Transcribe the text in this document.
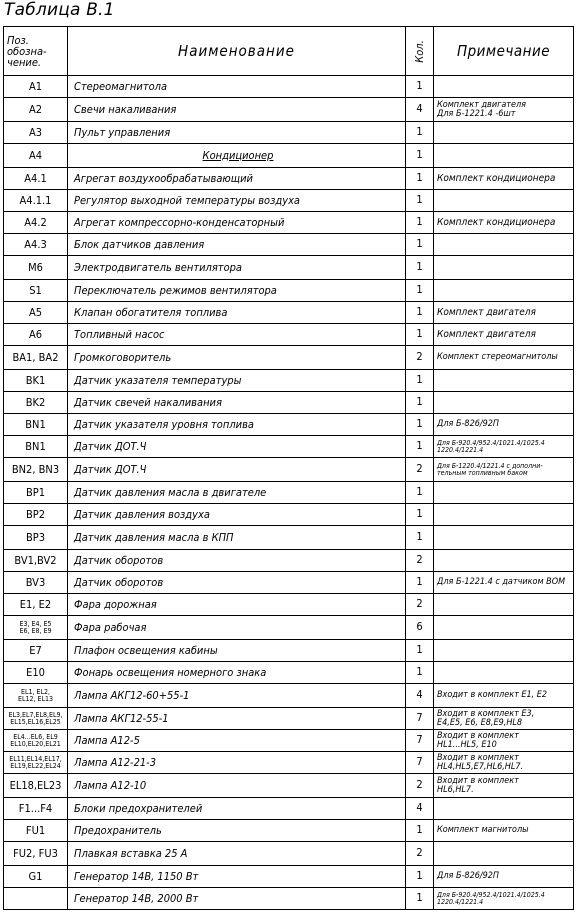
Таблица В.1
Поз.
обозна-
чение.	Наименование	Кол.	Примечание
A1	Стереомагнитола	1	
A2	Свечи накаливания	4	Комплект двигателя
Для Б-1221.4 -6шт
A3	Пульт управления	1	
A4	Кондиционер	1	
A4.1	Агрегат воздухообрабатывающий	1	Комплект кондиционера
A4.1.1	Регулятор выходной температуры воздуха	1	
A4.2	Агрегат компрессорно-конденсаторный	1	Комплект кондиционера
A4.3	Блок датчиков давления	1	
M6	Электродвигатель вентилятора	1	
S1	Переключатель режимов вентилятора	1	
A5	Клапан обогатителя топлива	1	Комплект двигателя
A6	Топливный насос	1	Комплект двигателя
BA1, BA2	Громкоговоритель	2	Комплект стереомагнитолы
BK1	Датчик указателя температуры	1	
BK2	Датчик свечей накаливания	1	
BN1	Датчик указателя уровня топлива	1	Для Б-826/92П
BN1	Датчик ДОТ.Ч	1	Для Б-920.4/952.4/1021.4/1025.4
1220.4/1221.4
BN2, BN3	Датчик ДОТ.Ч	2	Для Б-1220.4/1221.4 с дополни-
тельным топливным баком
BP1	Датчик давления масла в двигателе	1	
BP2	Датчик давления воздуха	1	
BP3	Датчик давления масла в КПП	1	
BV1,BV2	Датчик оборотов	2	
BV3	Датчик оборотов	1	Для Б-1221.4 с датчиком ВОМ
E1, E2	Фара дорожная	2	
E3, E4, E5
E6, E8, E9	Фара рабочая	6	
E7	Плафон освещения кабины	1	
E10	Фонарь освещения номерного знака	1	
EL1, EL2,
EL12, EL13	Лампа АКГ12-60+55-1	4	Входит в комплект E1, E2
EL3,EL7,EL8,EL9,
EL15,EL16,EL25	Лампа АКГ12-55-1	7	Входит в комплект E3,
E4,E5, E6, E8,E9,HL8
EL4...EL6, EL9
EL10,EL20,EL21	Лампа А12-5	7	Входит в комплект
HL1...HL5, E10
EL11,EL14,EL17,
EL19,EL22,EL24	Лампа А12-21-3	7	Входит в комплект
HL4,HL5,E7,HL6,HL7.
EL18,EL23	Лампа А12-10	2	Входит в комплект
HL6,HL7.
F1...F4	Блоки предохранителей	4	
FU1	Предохранитель	1	Комплект магнитолы
FU2, FU3	Плавкая вставка 25 А	2	
G1	Генератор 14В, 1150 Вт	1	Для Б-826/92П
	Генератор 14В, 2000 Вт	1	Для Б-920.4/952.4/1021.4/1025.4
1220.4/1221.4
